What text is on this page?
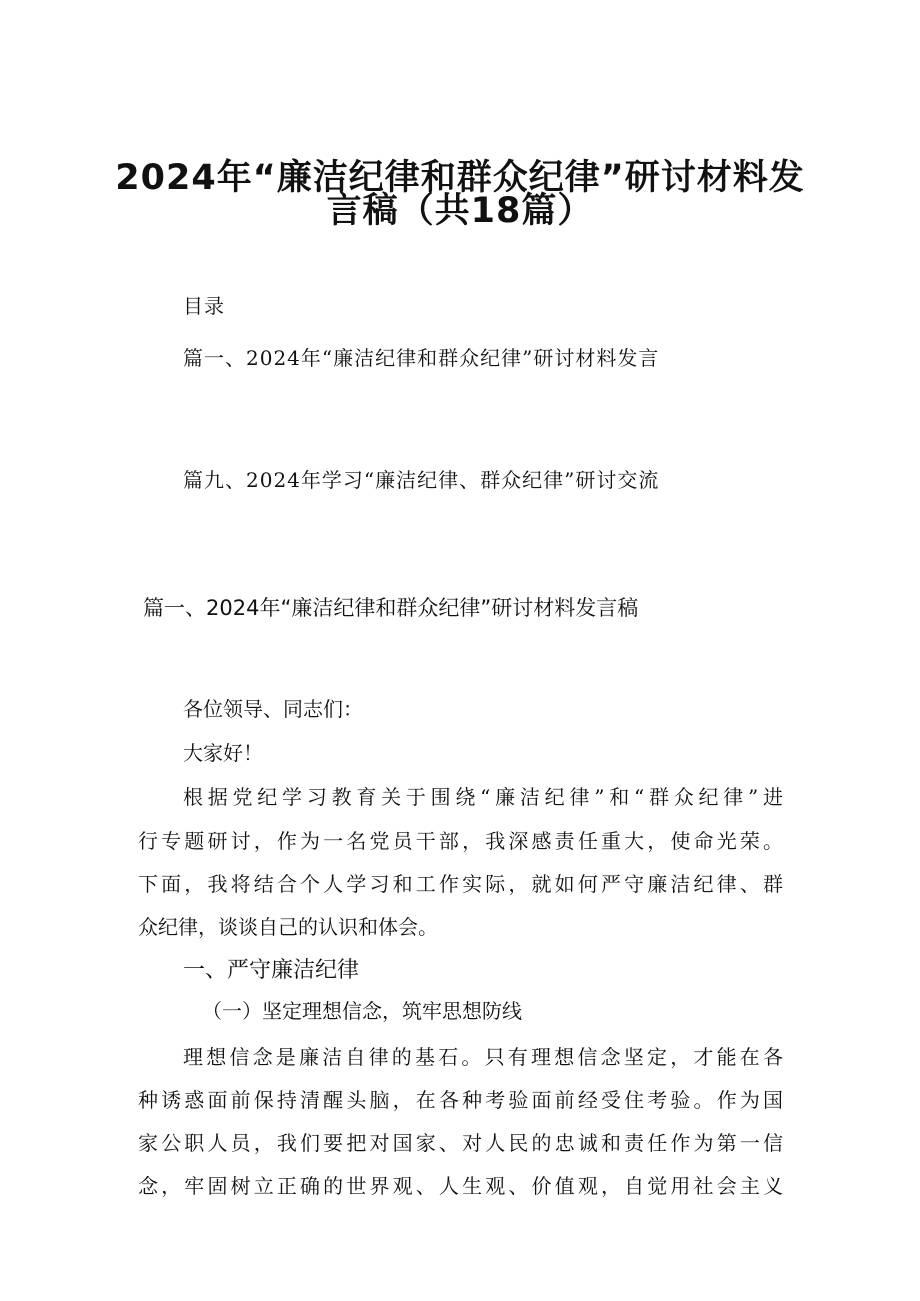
2024年“廉洁纪律和群众纪律”研讨材料发
言稿（共18篇）
目录
篇一、2024年“廉洁纪律和群众纪律”研讨材料发言
篇九、2024年学习“廉洁纪律、群众纪律”研讨交流
篇一、2024年“廉洁纪律和群众纪律”研讨材料发言稿
各位领导、同志们：
大家好！
根据党纪学习教育关于围绕“廉洁纪律”和“群众纪律”进
行专题研讨，作为一名党员干部，我深感责任重大，使命光荣。
下面，我将结合个人学习和工作实际，就如何严守廉洁纪律、群
众纪律，谈谈自己的认识和体会。
一、严守廉洁纪律
（一）坚定理想信念，筑牢思想防线
理想信念是廉洁自律的基石。只有理想信念坚定，才能在各
种诱惑面前保持清醒头脑，在各种考验面前经受住考验。作为国
家公职人员，我们要把对国家、对人民的忠诚和责任作为第一信
念，牢固树立正确的世界观、人生观、价值观，自觉用社会主义
